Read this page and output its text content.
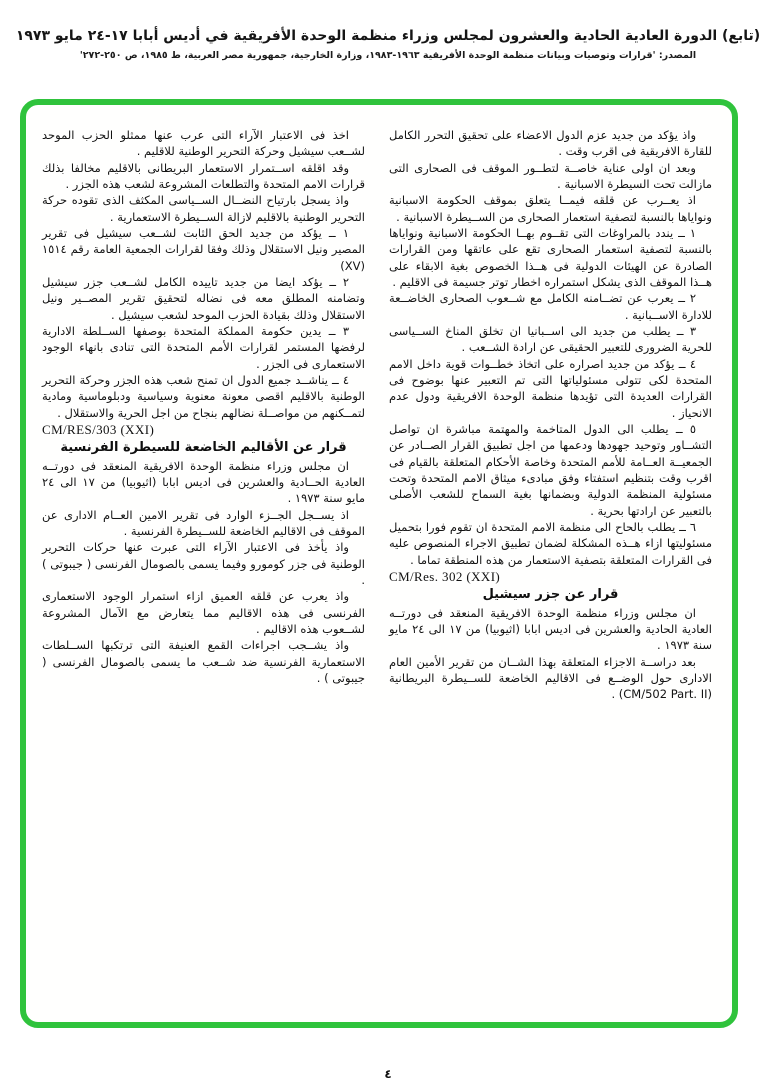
(تابع) الدورة العادية الحادية والعشرون لمجلس وزراء منظمة الوحدة الأفريقية في أديس أبابا ١٧-٢٤ مايو ١٩٧٣
المصدر: 'قرارات وتوصيات وبيانات منظمة الوحدة الأفريقية ١٩٦٣-١٩٨٣، وزارة الخارجية، جمهورية مصر العربية، ط ١٩٨٥، ص ٢٥٠-٢٧٢'

واذ يؤكد من جديد عزم الدول الاعضاء على تحقيق التحرر الكامل للقارة الافريقية فى اقرب وقت .

وبعد ان اولى عناية خاصــة لتطــور الموقف فى الصحارى التى مازالت تحت السيطرة الاسبانية .

اذ يعــرب عن قلقه فيمــا يتعلق بموقف الحكومة الاسبانية ونواياها بالنسبة لتصفية استعمار الصحارى من الســيطرة الاسبانية .

١ ــ يندد بالمراوغات التى تقــوم بهــا الحكومة الاسبانية ونواياها بالنسبة لتصفية استعمار الصحارى تقع على عاتقها ومن القرارات الصادرة عن الهيئات الدولية فى هــذا الخصوص بغية الابقاء على هــذا الموقف الذى يشكل استمراره اخطار توتر جسيمة فى الاقليم .

٢ ــ يعرب عن تضــامنه الكامل مع شــعوب الصحارى الخاضــعة للادارة الاســبانية .

٣ ــ يطلب من جديد الى اســبانيا ان تخلق المناخ الســياسى للحرية الضرورى للتعبير الحقيقى عن ارادة الشــعب .

٤ ــ يؤكد من جديد اصراره على اتخاذ خطــوات قوية داخل الامم المتحدة لكى تتولى مسئولياتها التى تم التعبير عنها بوضوح فى القرارات العديدة التى تؤيدها منظمة الوحدة الافريقية ودول عدم الانحياز .

٥ ــ يطلب الى الدول المتاخمة والمهتمة مباشرة ان تواصل التشــاور وتوحيد جهودها ودعمها من اجل تطبيق القرار الصــادر عن الجمعيــة العــامة للأمم المتحدة وخاصة الأحكام المتعلقة بالقيام فى اقرب وقت بتنظيم استفتاء وفق مبادىء ميثاق الامم المتحدة وتحت مسئولية المنظمة الدولية وبضمانها بغية السماح للشعب الأصلى بالتعبير عن ارادتها بحرية .

٦ ــ يطلب بالحاح الى منظمة الامم المتحدة ان تقوم فورا بتحميل مسئوليتها ازاء هــذه المشكلة لضمان تطبيق الاجراء المنصوص عليه فى القرارات المتعلقة بتصفية الاستعمار من هذه المنطقة تماما .

CM/Res. 302 (XXI)

قرار عن جزر سيشيل

ان مجلس وزراء منظمة الوحدة الافريقية المنعقد فى دورتــه العادية الحادية والعشرين فى اديس ابابا (اثيوبيا) من ١٧ الى ٢٤ مايو سنة ١٩٧٣ .

بعد دراســة الاجزاء المتعلقة بهذا الشــان من تقرير الأمين العام الادارى حول الوضــع فى الاقاليم الخاضعة للســيطرة البريطانية (CM/502 Part. II) .

اخذ فى الاعتبار الآراء التى عرب عنها ممثلو الحزب الموحد لشــعب سيشيل وحركة التحرير الوطنية للاقليم .

وقد اقلقه اســتمرار الاستعمار البريطانى بالاقليم مخالفا بذلك قرارات الامم المتحدة والتطلعات المشروعة لشعب هذه الجزر .

واذ يسجل بارتياح النضــال الســياسى المكثف الذى تقوده حركة التحرير الوطنية بالاقليم لازالة الســيطرة الاستعمارية .

١ ــ يؤكد من جديد الحق الثابت لشــعب سيشيل فى تقرير المصير ونيل الاستقلال وذلك وفقا لقرارات الجمعية العامة رقم ١٥١٤ (XV)

٢ ــ يؤكد ايضا من جديد تاييده الكامل لشــعب جزر سيشيل وتضامنه المطلق معه فى نضاله لتحقيق تقرير المصــير ونيل الاستقلال وذلك بقيادة الحزب الموحد لشعب سيشيل .

٣ ــ يدين حكومة المملكة المتحدة بوصفها الســلطة الادارية لرفضها المستمر لقرارات الأمم المتحدة التى تنادى بانهاء الوجود الاستعمارى فى الجزر .

٤ ــ يناشــد جميع الدول ان تمنح شعب هذه الجزر وحركة التحرير الوطنية بالاقليم اقصى معونة معنوية وسياسية ودبلوماسية ومادية لتمــكنهم من مواصــلة نضالهم بنجاح من اجل الحرية والاستقلال .

CM/RES/303 (XXI)

قرار عن الأقاليم الخاضعة للسيطرة الفرنسية

ان مجلس وزراء منظمة الوحدة الافريقية المنعقد فى دورتــه العادية الحــادية والعشرين فى اديس ابابا (اثيوبيا) من ١٧ الى ٢٤ مايو سنة ١٩٧٣ .

اذ يســجل الجــزء الوارد فى تقرير الامين العــام الادارى عن الموقف فى الاقاليم الخاضعة للســيطرة الفرنسية .

واذ يأخذ فى الاعتبار الآراء التى عبرت عنها حركات التحرير الوطنية فى جزر كومورو وفيما يسمى بالصومال الفرنسى ( جيبوتى ) .

واذ يعرب عن قلقه العميق ازاء استمرار الوجود الاستعمارى الفرنسى فى هذه الاقاليم مما يتعارض مع الآمال المشروعة لشــعوب هذه الاقاليم .

واذ يشــجب اجراءات القمع العنيفة التى ترتكبها الســلطات الاستعمارية الفرنسية ضد شــعب ما يسمى بالصومال الفرنسى ( جيبوتى ) .

٤
